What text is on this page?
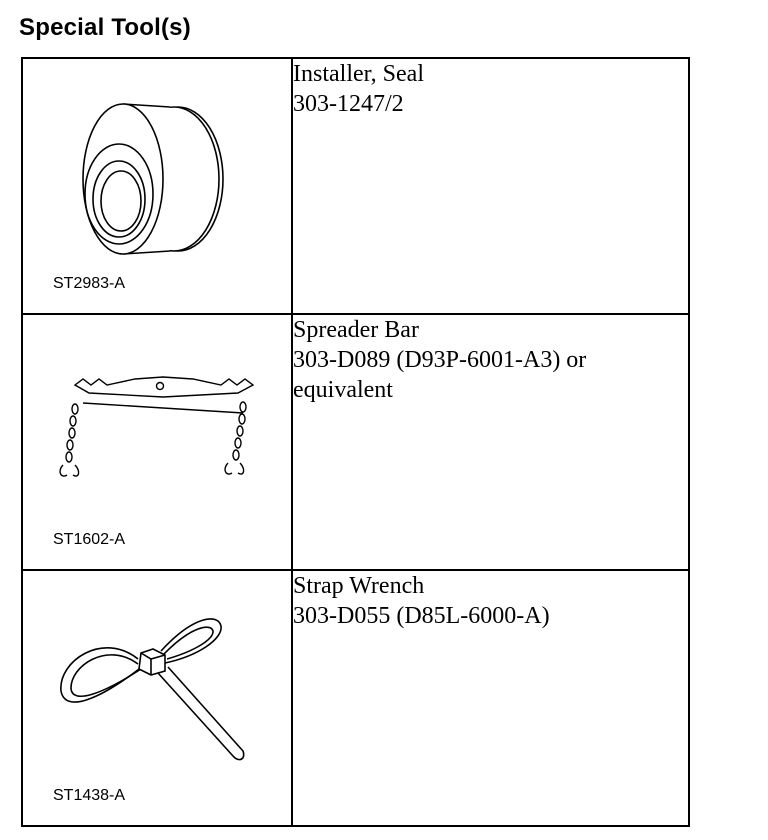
Special Tool(s)
ST2983-A	Installer, Seal
303-1247/2

ST1602-A	Spreader Bar
303-D089 (D93P-6001-A3) or
equivalent

ST1438-A	Strap Wrench
303-D055 (D85L-6000-A)
